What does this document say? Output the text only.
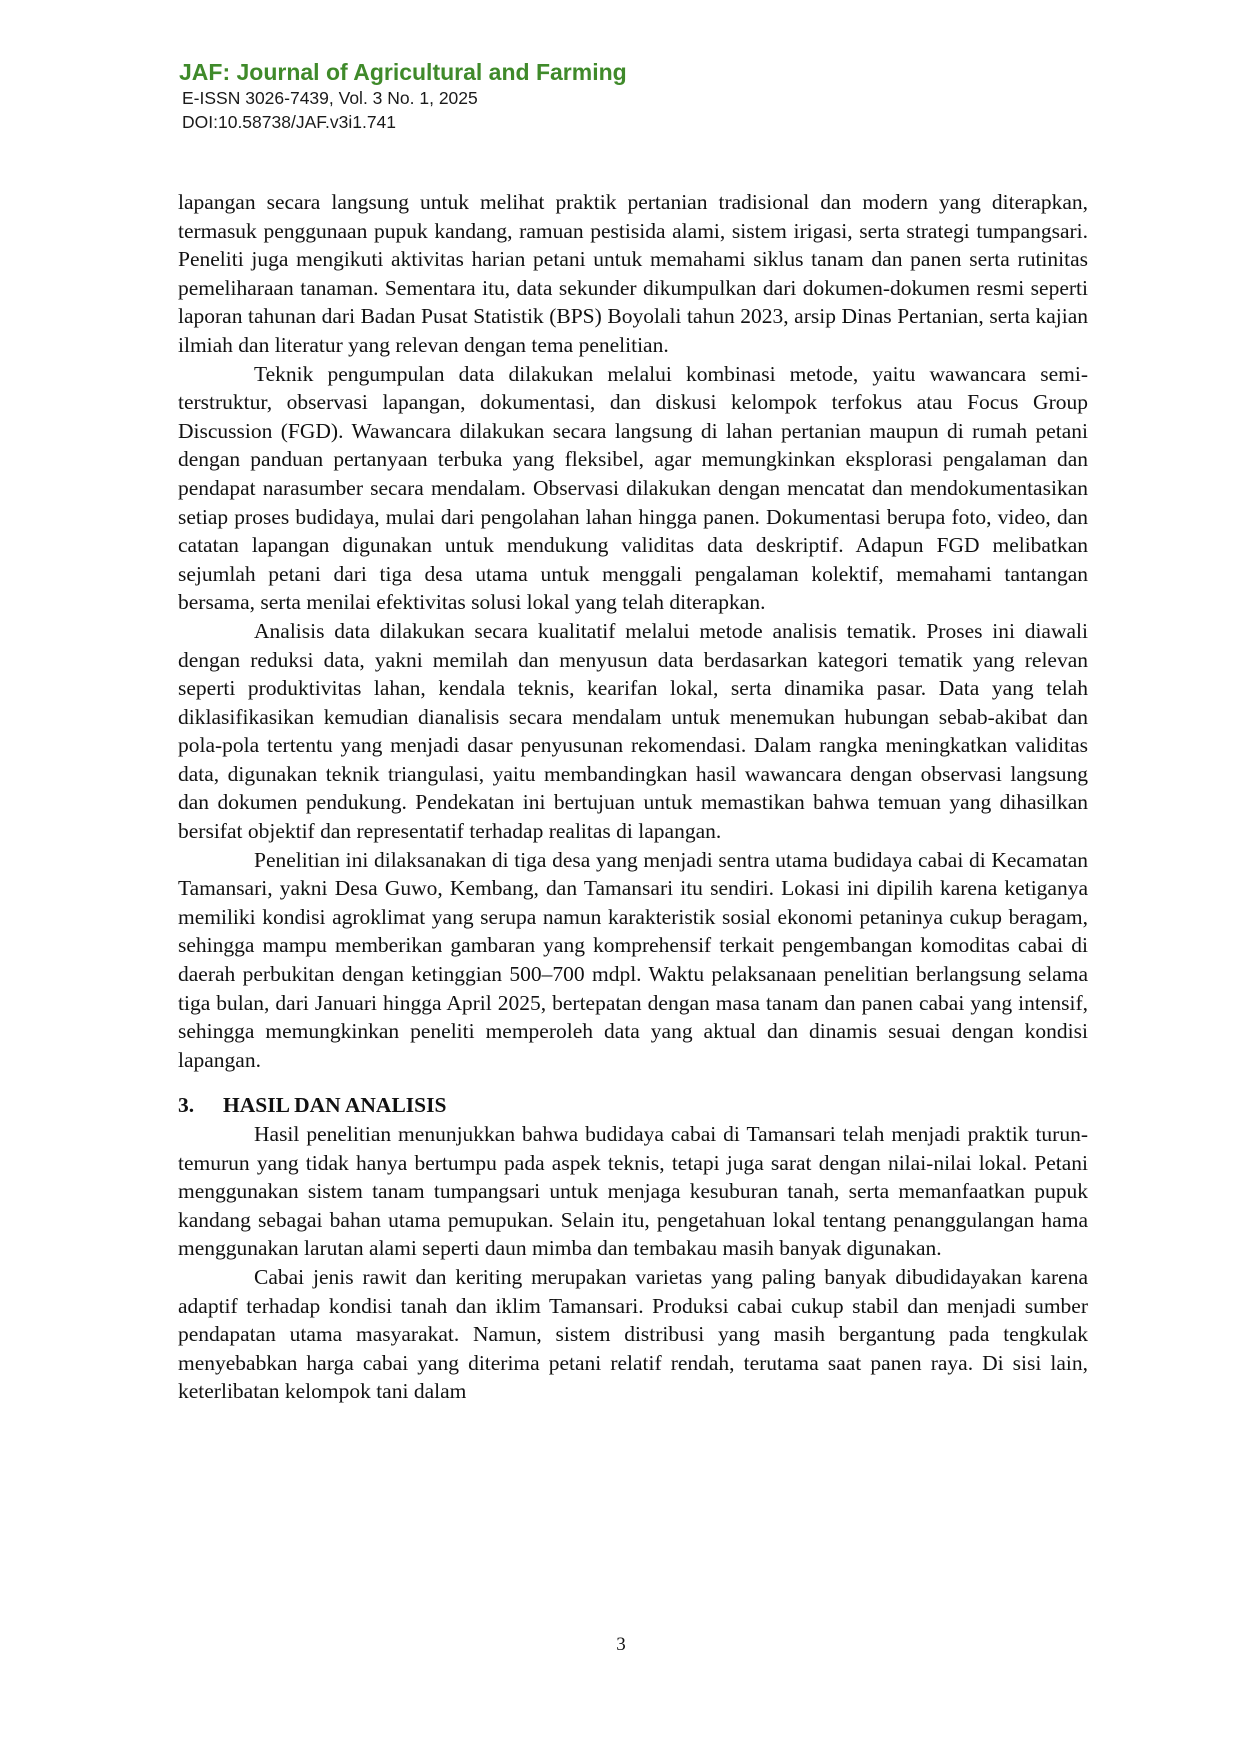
JAF: Journal of Agricultural and Farming
E-ISSN 3026-7439, Vol. 3 No. 1, 2025
DOI:10.58738/JAF.v3i1.741

lapangan secara langsung untuk melihat praktik pertanian tradisional dan modern yang diterapkan, termasuk penggunaan pupuk kandang, ramuan pestisida alami, sistem irigasi, serta strategi tumpangsari. Peneliti juga mengikuti aktivitas harian petani untuk memahami siklus tanam dan panen serta rutinitas pemeliharaan tanaman. Sementara itu, data sekunder dikumpulkan dari dokumen-dokumen resmi seperti laporan tahunan dari Badan Pusat Statistik (BPS) Boyolali tahun 2023, arsip Dinas Pertanian, serta kajian ilmiah dan literatur yang relevan dengan tema penelitian.

Teknik pengumpulan data dilakukan melalui kombinasi metode, yaitu wawancara semi-terstruktur, observasi lapangan, dokumentasi, dan diskusi kelompok terfokus atau Focus Group Discussion (FGD). Wawancara dilakukan secara langsung di lahan pertanian maupun di rumah petani dengan panduan pertanyaan terbuka yang fleksibel, agar memungkinkan eksplorasi pengalaman dan pendapat narasumber secara mendalam. Observasi dilakukan dengan mencatat dan mendokumentasikan setiap proses budidaya, mulai dari pengolahan lahan hingga panen. Dokumentasi berupa foto, video, dan catatan lapangan digunakan untuk mendukung validitas data deskriptif. Adapun FGD melibatkan sejumlah petani dari tiga desa utama untuk menggali pengalaman kolektif, memahami tantangan bersama, serta menilai efektivitas solusi lokal yang telah diterapkan.

Analisis data dilakukan secara kualitatif melalui metode analisis tematik. Proses ini diawali dengan reduksi data, yakni memilah dan menyusun data berdasarkan kategori tematik yang relevan seperti produktivitas lahan, kendala teknis, kearifan lokal, serta dinamika pasar. Data yang telah diklasifikasikan kemudian dianalisis secara mendalam untuk menemukan hubungan sebab-akibat dan pola-pola tertentu yang menjadi dasar penyusunan rekomendasi. Dalam rangka meningkatkan validitas data, digunakan teknik triangulasi, yaitu membandingkan hasil wawancara dengan observasi langsung dan dokumen pendukung. Pendekatan ini bertujuan untuk memastikan bahwa temuan yang dihasilkan bersifat objektif dan representatif terhadap realitas di lapangan.

Penelitian ini dilaksanakan di tiga desa yang menjadi sentra utama budidaya cabai di Kecamatan Tamansari, yakni Desa Guwo, Kembang, dan Tamansari itu sendiri. Lokasi ini dipilih karena ketiganya memiliki kondisi agroklimat yang serupa namun karakteristik sosial ekonomi petaninya cukup beragam, sehingga mampu memberikan gambaran yang komprehensif terkait pengembangan komoditas cabai di daerah perbukitan dengan ketinggian 500–700 mdpl. Waktu pelaksanaan penelitian berlangsung selama tiga bulan, dari Januari hingga April 2025, bertepatan dengan masa tanam dan panen cabai yang intensif, sehingga memungkinkan peneliti memperoleh data yang aktual dan dinamis sesuai dengan kondisi lapangan.

3. HASIL DAN ANALISIS

Hasil penelitian menunjukkan bahwa budidaya cabai di Tamansari telah menjadi praktik turun-temurun yang tidak hanya bertumpu pada aspek teknis, tetapi juga sarat dengan nilai-nilai lokal. Petani menggunakan sistem tanam tumpangsari untuk menjaga kesuburan tanah, serta memanfaatkan pupuk kandang sebagai bahan utama pemupukan. Selain itu, pengetahuan lokal tentang penanggulangan hama menggunakan larutan alami seperti daun mimba dan tembakau masih banyak digunakan.

Cabai jenis rawit dan keriting merupakan varietas yang paling banyak dibudidayakan karena adaptif terhadap kondisi tanah dan iklim Tamansari. Produksi cabai cukup stabil dan menjadi sumber pendapatan utama masyarakat. Namun, sistem distribusi yang masih bergantung pada tengkulak menyebabkan harga cabai yang diterima petani relatif rendah, terutama saat panen raya. Di sisi lain, keterlibatan kelompok tani dalam

3
